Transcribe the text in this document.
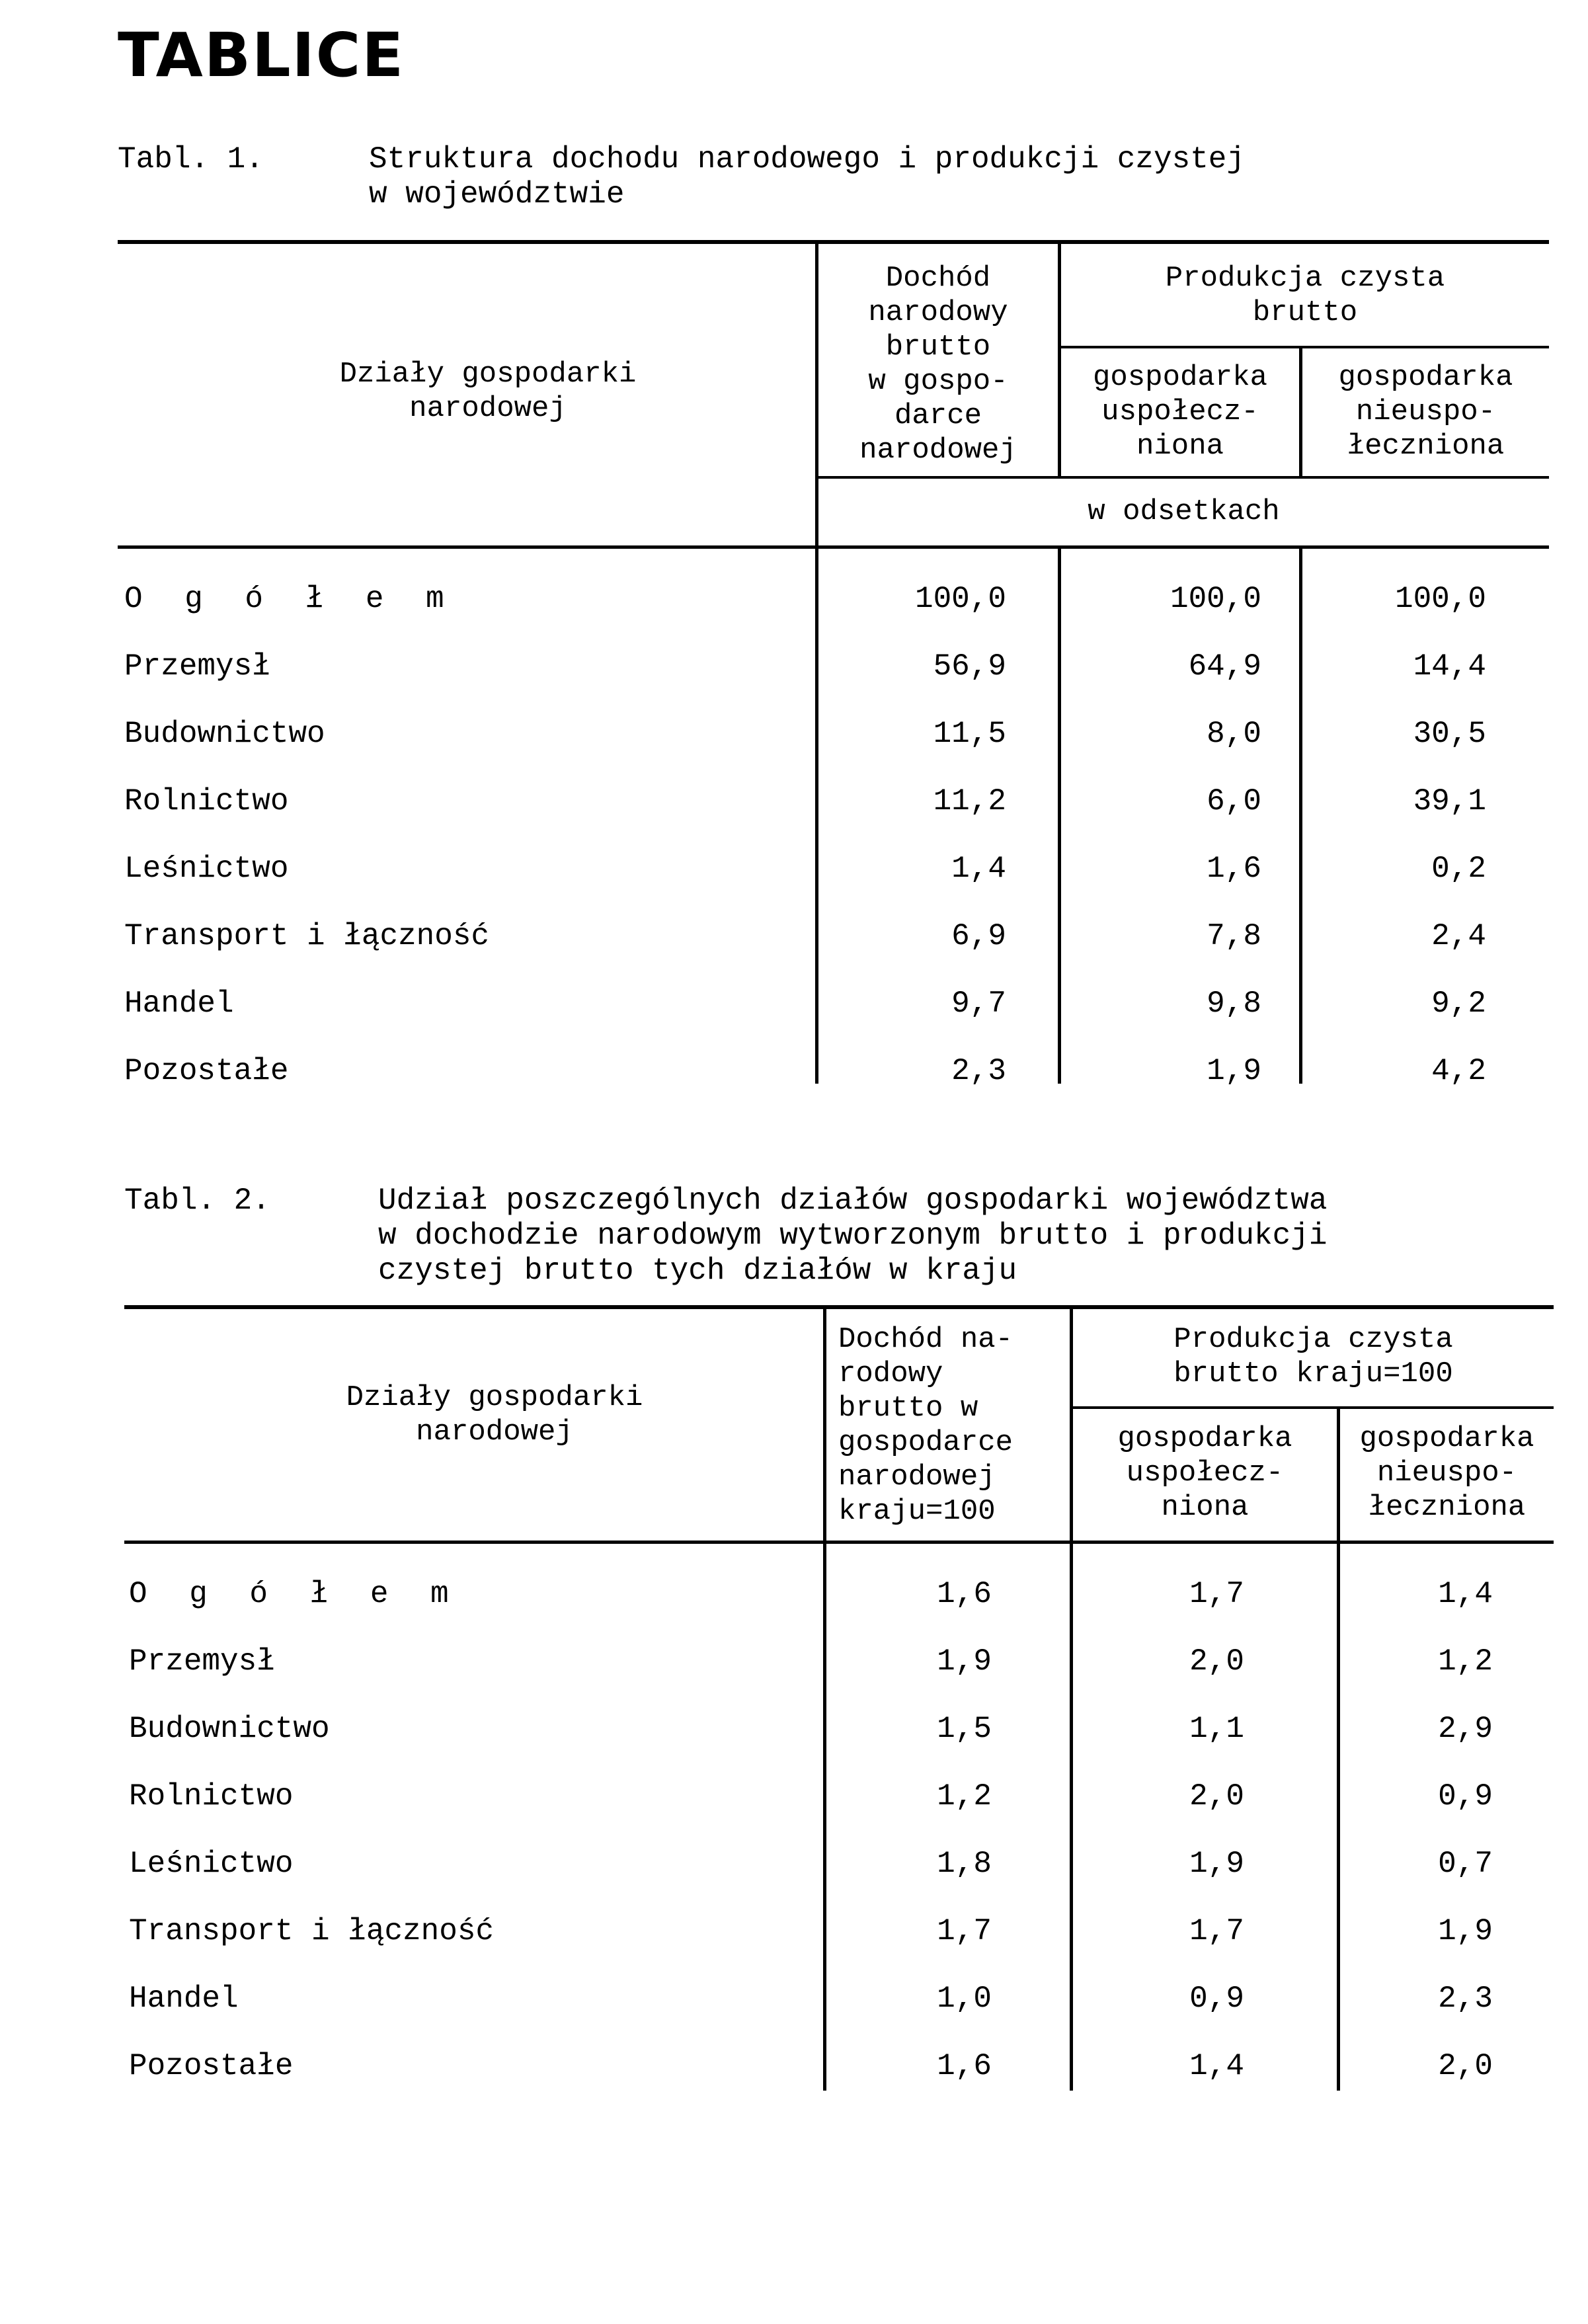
TABLICE
Tabl. 1.	Struktura dochodu narodowego i produkcji czystej
w województwie
Działy gospodarki
narodowej
Dochód
narodowy
brutto
w gospo-
darce
narodowej
Produkcja czysta
brutto
gospodarka
uspołecz-
niona
gospodarka
nieuspo-
łeczniona
w odsetkach
O g ó ł e m	100,0	100,0	100,0
Przemysł	56,9	64,9	14,4
Budownictwo	11,5	8,0	30,5
Rolnictwo	11,2	6,0	39,1
Leśnictwo	1,4	1,6	0,2
Transport i łączność	6,9	7,8	2,4
Handel	9,7	9,8	9,2
Pozostałe	2,3	1,9	4,2
Tabl. 2.	Udział poszczególnych działów gospodarki województwa
w dochodzie narodowym wytworzonym brutto i produkcji
czystej brutto tych działów w kraju
Działy gospodarki
narodowej
Dochód na-
rodowy
brutto w
gospodarce
narodowej
kraju=100
Produkcja czysta
brutto kraju=100
gospodarka
uspołecz-
niona
gospodarka
nieuspo-
łeczniona
O g ó ł e m	1,6	1,7	1,4
Przemysł	1,9	2,0	1,2
Budownictwo	1,5	1,1	2,9
Rolnictwo	1,2	2,0	0,9
Leśnictwo	1,8	1,9	0,7
Transport i łączność	1,7	1,7	1,9
Handel	1,0	0,9	2,3
Pozostałe	1,6	1,4	2,0
